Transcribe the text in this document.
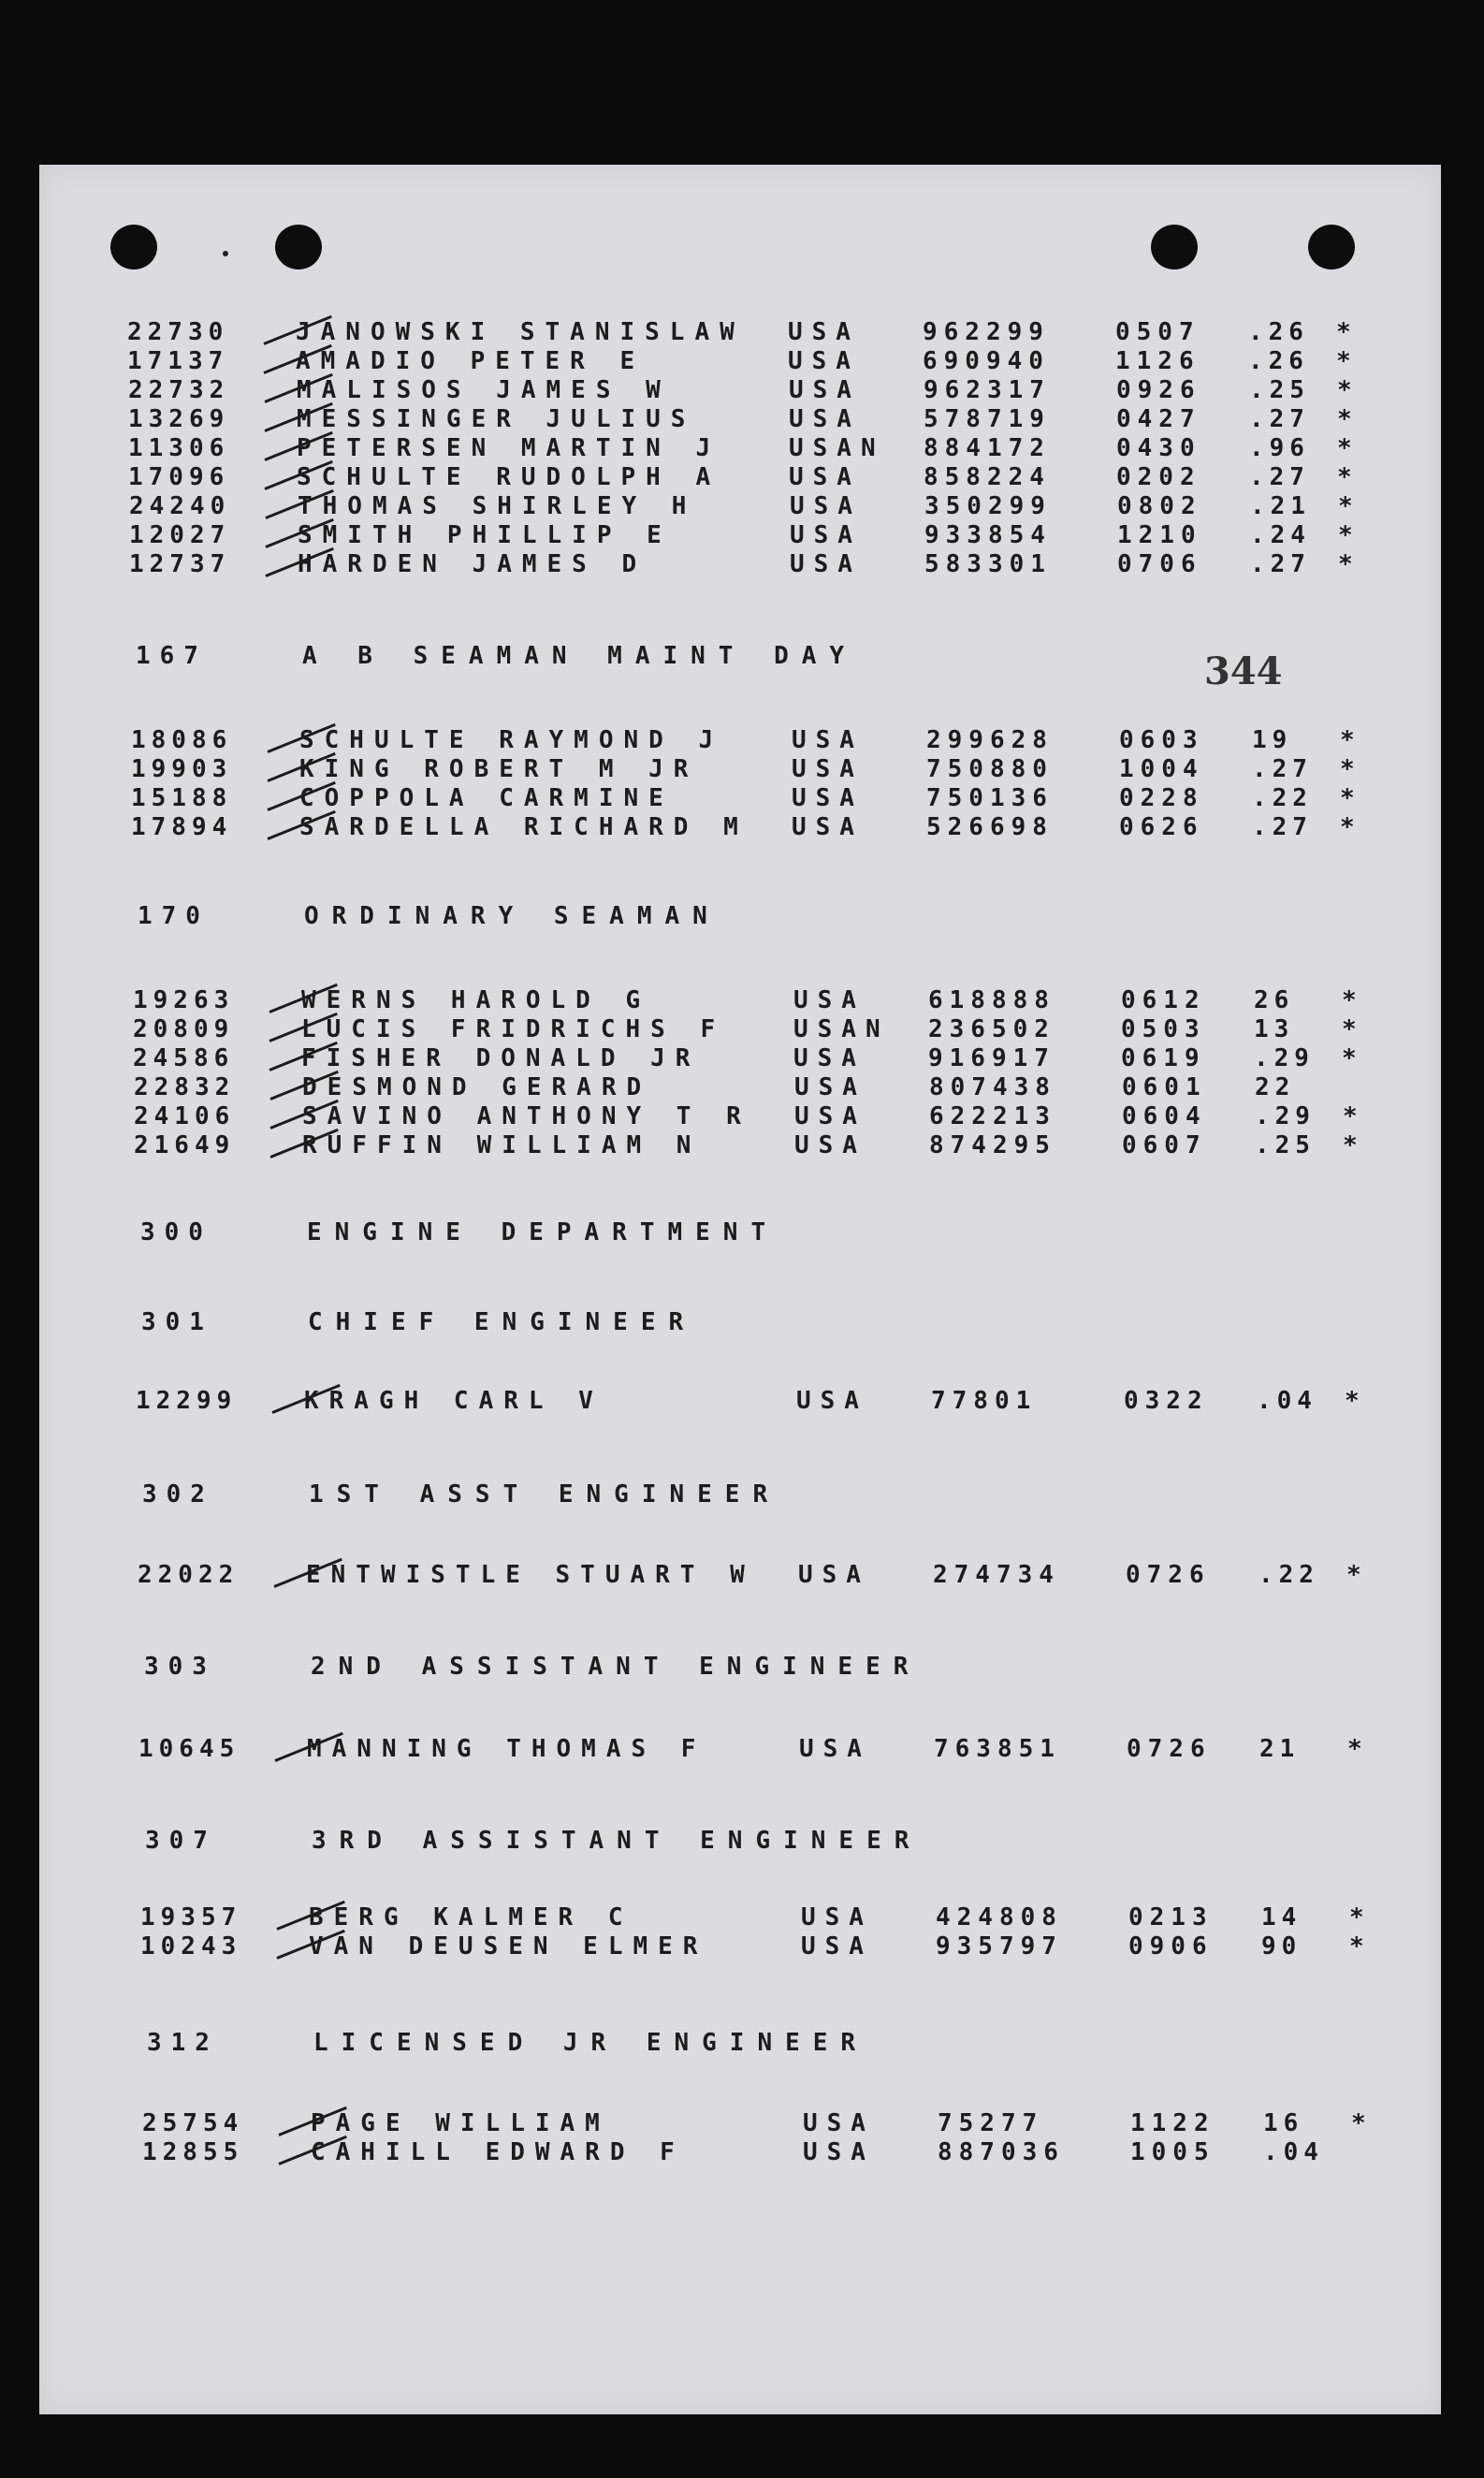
344
22730	JANOWSKI STANISLAW USA	962299	0507 .26 *
17137	AMADIO PETER E	USA	690940	1126 .26 *
22732	MALISOS JAMES W	USA	962317	0926 .25 *
13269	MESSINGER JULIUS	USA	578719	0427 .27 *
11306	PETERSEN MARTIN J	USAN 884172	0430 .96 *
17096	SCHULTE RUDOLPH A	USA	858224	0202 .27 *
24240	THOMAS SHIRLEY H	USA	350299	0802 .21 *
12027	SMITH PHILLIP E	USA	933854	1210 .24 *
12737	HARDEN JAMES D	USA	583301	0706 .27 *
167	A B SEAMAN MAINT DAY
18086	SCHULTE RAYMOND J	USA	299628	0603 19 *
19903	KING ROBERT M JR	USA	750880	1004 .27 *
15188	COPPOLA CARMINE	USA	750136	0228 .22 *
17894	SARDELLA RICHARD M USA	526698	0626 .27 *
170	ORDINARY SEAMAN
19263	WERNS HAROLD G	USA	618888	0612 26 *
20809	LUCIS FRIDRICHS F	USAN 236502	0503 13 *
24586	FISHER DONALD JR	USA	916917	0619 .29 *
22832	DESMOND GERARD	USA	807438	0601 22
24106	SAVINO ANTHONY T R USA	622213	0604 .29 *
21649	RUFFIN WILLIAM N	USA	874295	0607 .25 *
300	ENGINE DEPARTMENT
301	CHIEF ENGINEER
12299	KRAGH CARL V	USA	77801	0322 .04 *
302	1ST ASST ENGINEER
22022	ENTWISTLE STUART W USA	274734	0726 .22 *
303	2ND ASSISTANT ENGINEER
10645	MANNING THOMAS F	USA	763851	0726 21 *
307	3RD ASSISTANT ENGINEER
19357	BERG KALMER C	USA	424808	0213 14 *
10243	VAN DEUSEN ELMER	USA	935797	0906 90 *
312	LICENSED JR ENGINEER
25754	PAGE WILLIAM	USA	75277	1122 16 *
12855	CAHILL EDWARD F	USA	887036	1005 .04
